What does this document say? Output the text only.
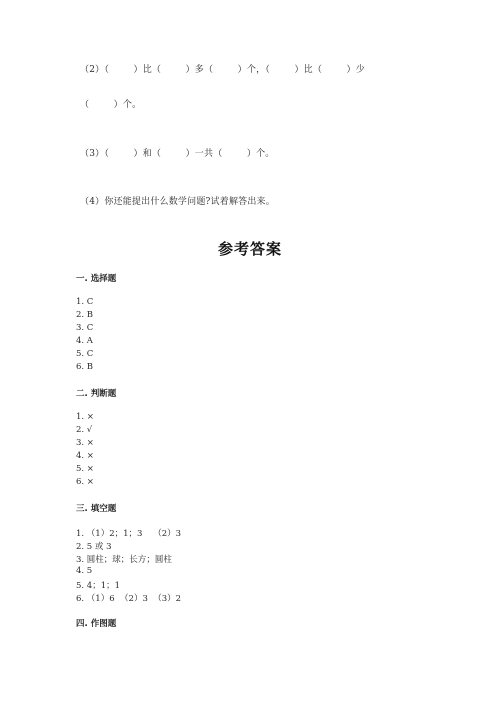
（2）（        ）比（        ）多（        ）个，（        ）比（        ）少
（        ）个。
（3）（        ）和（        ）一共（        ）个。
（4）你还能提出什么数学问题?试着解答出来。
参考答案
一. 选择题
1. C
2. B
3. C
4. A
5. C
6. B
二. 判断题
1. ×
2. √
3. ×
4. ×
5. ×
6. ×
三. 填空题
1. （1）2；1；3    （2）3
2. 5 或 3
3. 圆柱；球；长方；圆柱
4. 5
5. 4；1；1
6. （1）6  （2）3  （3）2
四. 作图题
